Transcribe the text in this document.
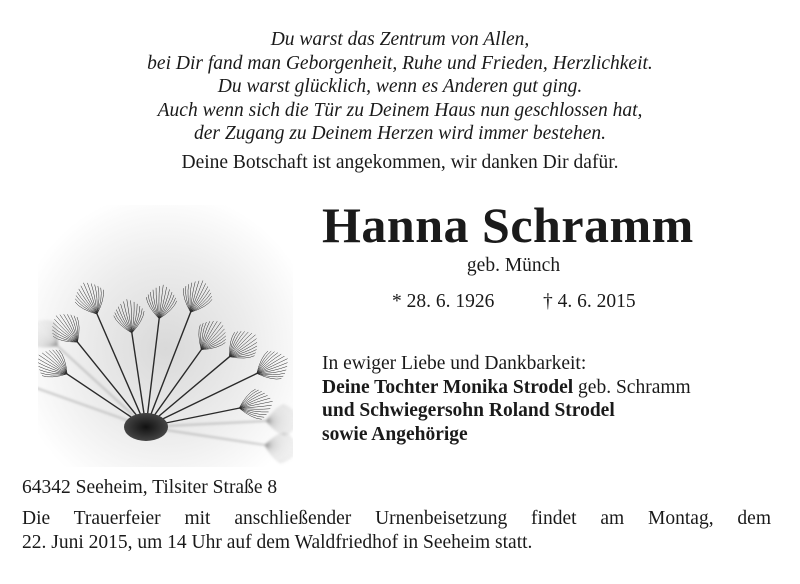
Du warst das Zentrum von Allen,
bei Dir fand man Geborgenheit, Ruhe und Frieden, Herzlichkeit.
Du warst glücklich, wenn es Anderen gut ging.
Auch wenn sich die Tür zu Deinem Haus nun geschlossen hat,
der Zugang zu Deinem Herzen wird immer bestehen.
Deine Botschaft ist angekommen, wir danken Dir dafür.
Hanna Schramm
geb. Münch
* 28. 6. 1926 † 4. 6. 2015
In ewiger Liebe und Dankbarkeit:
Deine Tochter Monika Strodel geb. Schramm
und Schwiegersohn Roland Strodel
sowie Angehörige
64342 Seeheim, Tilsiter Straße 8
Die Trauerfeier mit anschließender Urnenbeisetzung findet am Montag, dem
22. Juni 2015, um 14 Uhr auf dem Waldfriedhof in Seeheim statt.
